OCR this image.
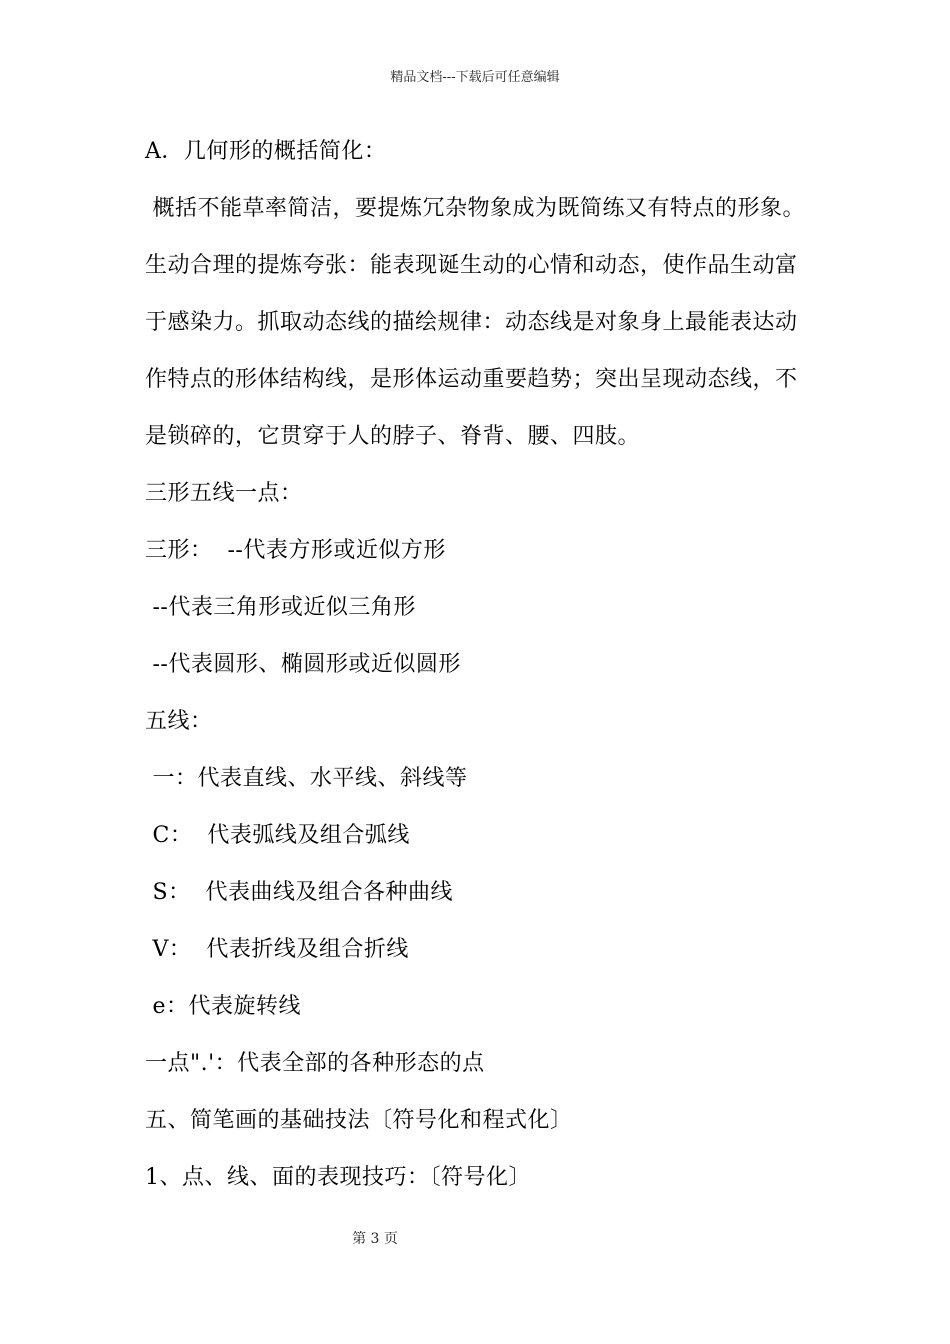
精品文档---下载后可任意编辑
A．几何形的概括简化：
概括不能草率简洁，要提炼冗杂物象成为既简练又有特点的形象。
生动合理的提炼夸张：能表现诞生动的心情和动态，使作品生动富
于感染力。抓取动态线的描绘规律：动态线是对象身上最能表达动
作特点的形体结构线，是形体运动重要趋势；突出呈现动态线，不
是锁碎的，它贯穿于人的脖子、脊背、腰、四肢。
三形五线一点：
三形：  --代表方形或近似方形
--代表三角形或近似三角形
--代表圆形、椭圆形或近似圆形
五线：
一：代表直线、水平线、斜线等
C：  代表弧线及组合弧线
S：  代表曲线及组合各种曲线
V：  代表折线及组合折线
e：代表旋转线
一点".'：代表全部的各种形态的点
五、简笔画的基础技法〔符号化和程式化〕
1、点、线、面的表现技巧：〔符号化〕
第 3 页
